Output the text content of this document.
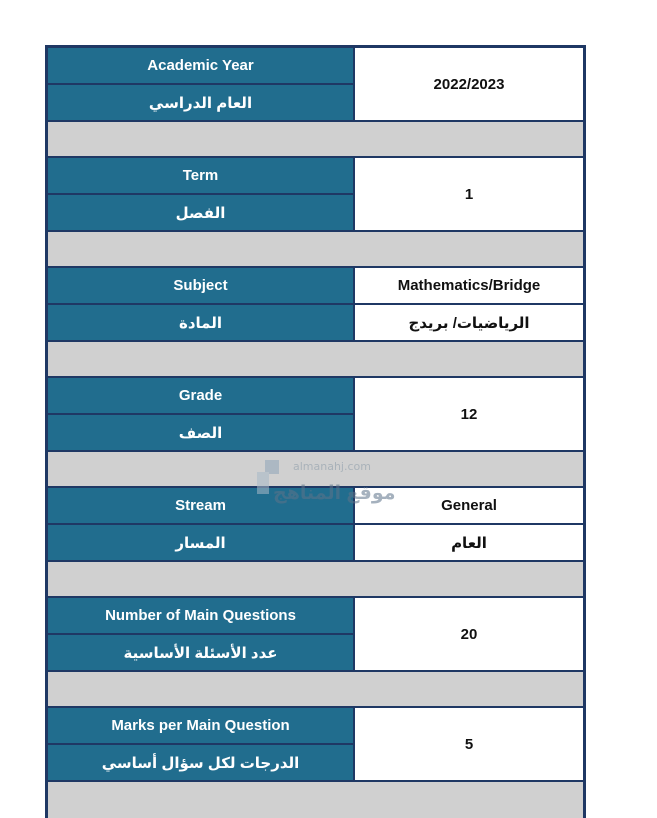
Academic Year
العام الدراسي
2022/2023
Term
الفصل
1
Subject
المادة
Mathematics/Bridge
الرياضيات/ بريدج
Grade
الصف
12
Stream
المسار
General
العام
Number of Main Questions
عدد الأسئلة الأساسية
20
Marks per Main Question
الدرجات لكل سؤال أساسي
5
almanahj.com
موقع المناهج
